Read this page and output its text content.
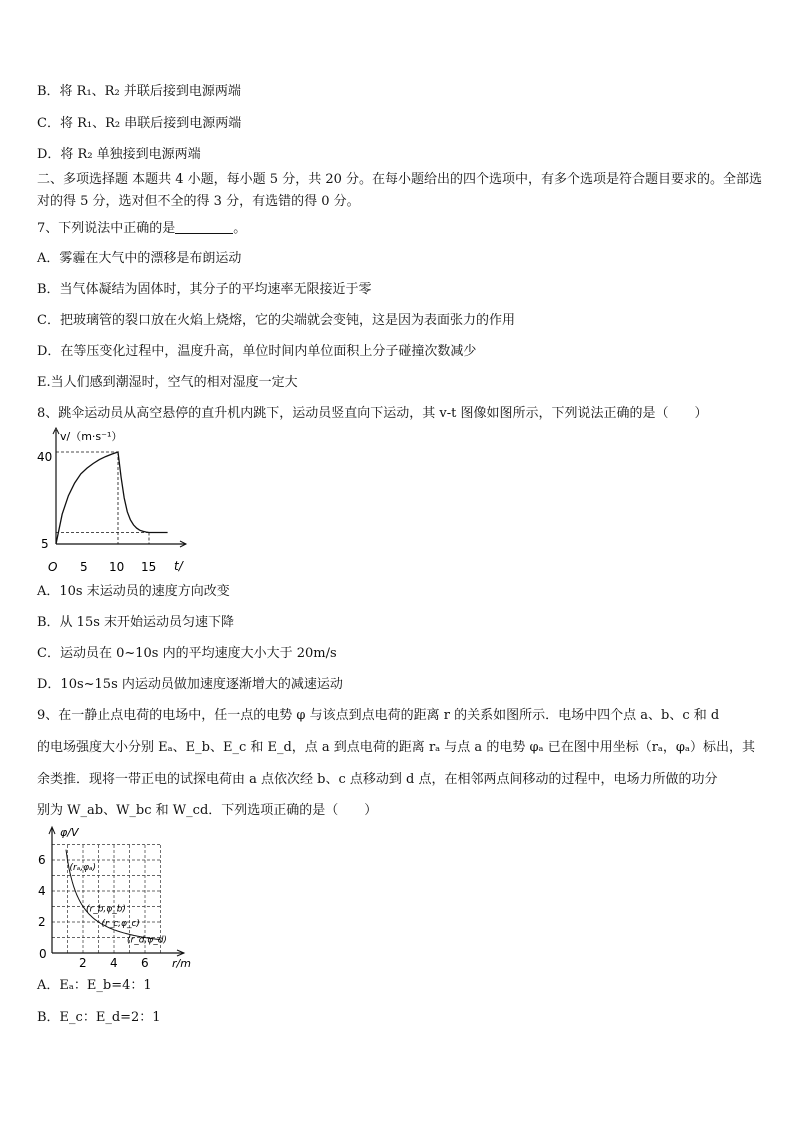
B．将 R₁、R₂ 并联后接到电源两端
C．将 R₁、R₂ 串联后接到电源两端
D．将 R₂ 单独接到电源两端
二、多项选择题 本题共 4 小题，每小题 5 分，共 20 分。在每小题给出的四个选项中，有多个选项是符合题目要求的。全部选对的得 5 分，选对但不全的得 3 分，有选错的得 0 分。
7、下列说法中正确的是	。
A．雾霾在大气中的漂移是布朗运动
B．当气体凝结为固体时，其分子的平均速率无限接近于零
C．把玻璃管的裂口放在火焰上烧熔，它的尖端就会变钝，这是因为表面张力的作用
D．在等压变化过程中，温度升高，单位时间内单位面积上分子碰撞次数减少
E.当人们感到潮湿时，空气的相对湿度一定大
8、跳伞运动员从高空悬停的直升机内跳下，运动员竖直向下运动，其 v-t 图像如图所示，下列说法正确的是（　　）
v/（m·s⁻¹）
t/
O
40
5
5 10 15
A．10s 末运动员的速度方向改变
B．从 15s 末开始运动员匀速下降
C．运动员在 0~10s 内的平均速度大小大于 20m/s
D．10s~15s 内运动员做加速度逐渐增大的减速运动
9、在一静止点电荷的电场中，任一点的电势 φ 与该点到点电荷的距离 r 的关系如图所示．电场中四个点 a、b、c 和 d
的电场强度大小分别 Eₐ、E_b、E_c 和 E_d，点 a 到点电荷的距离 rₐ 与点 a 的电势 φₐ 已在图中用坐标（rₐ，φₐ）标出，其
余类推．现将一带正电的试探电荷由 a 点依次经 b、c 点移动到 d 点，在相邻两点间移动的过程中，电场力所做的功分
别为 W_ab、W_bc 和 W_cd．下列选项正确的是（　　）
2 4 6
2
4
6
(rₐ,φₐ)
(r_b,φ_b)
(r_c,φ_c)
(r_d,φ_d)
φ/V
r/m
0
A．Eₐ：E_b=4：1
B．E_c：E_d=2：1
